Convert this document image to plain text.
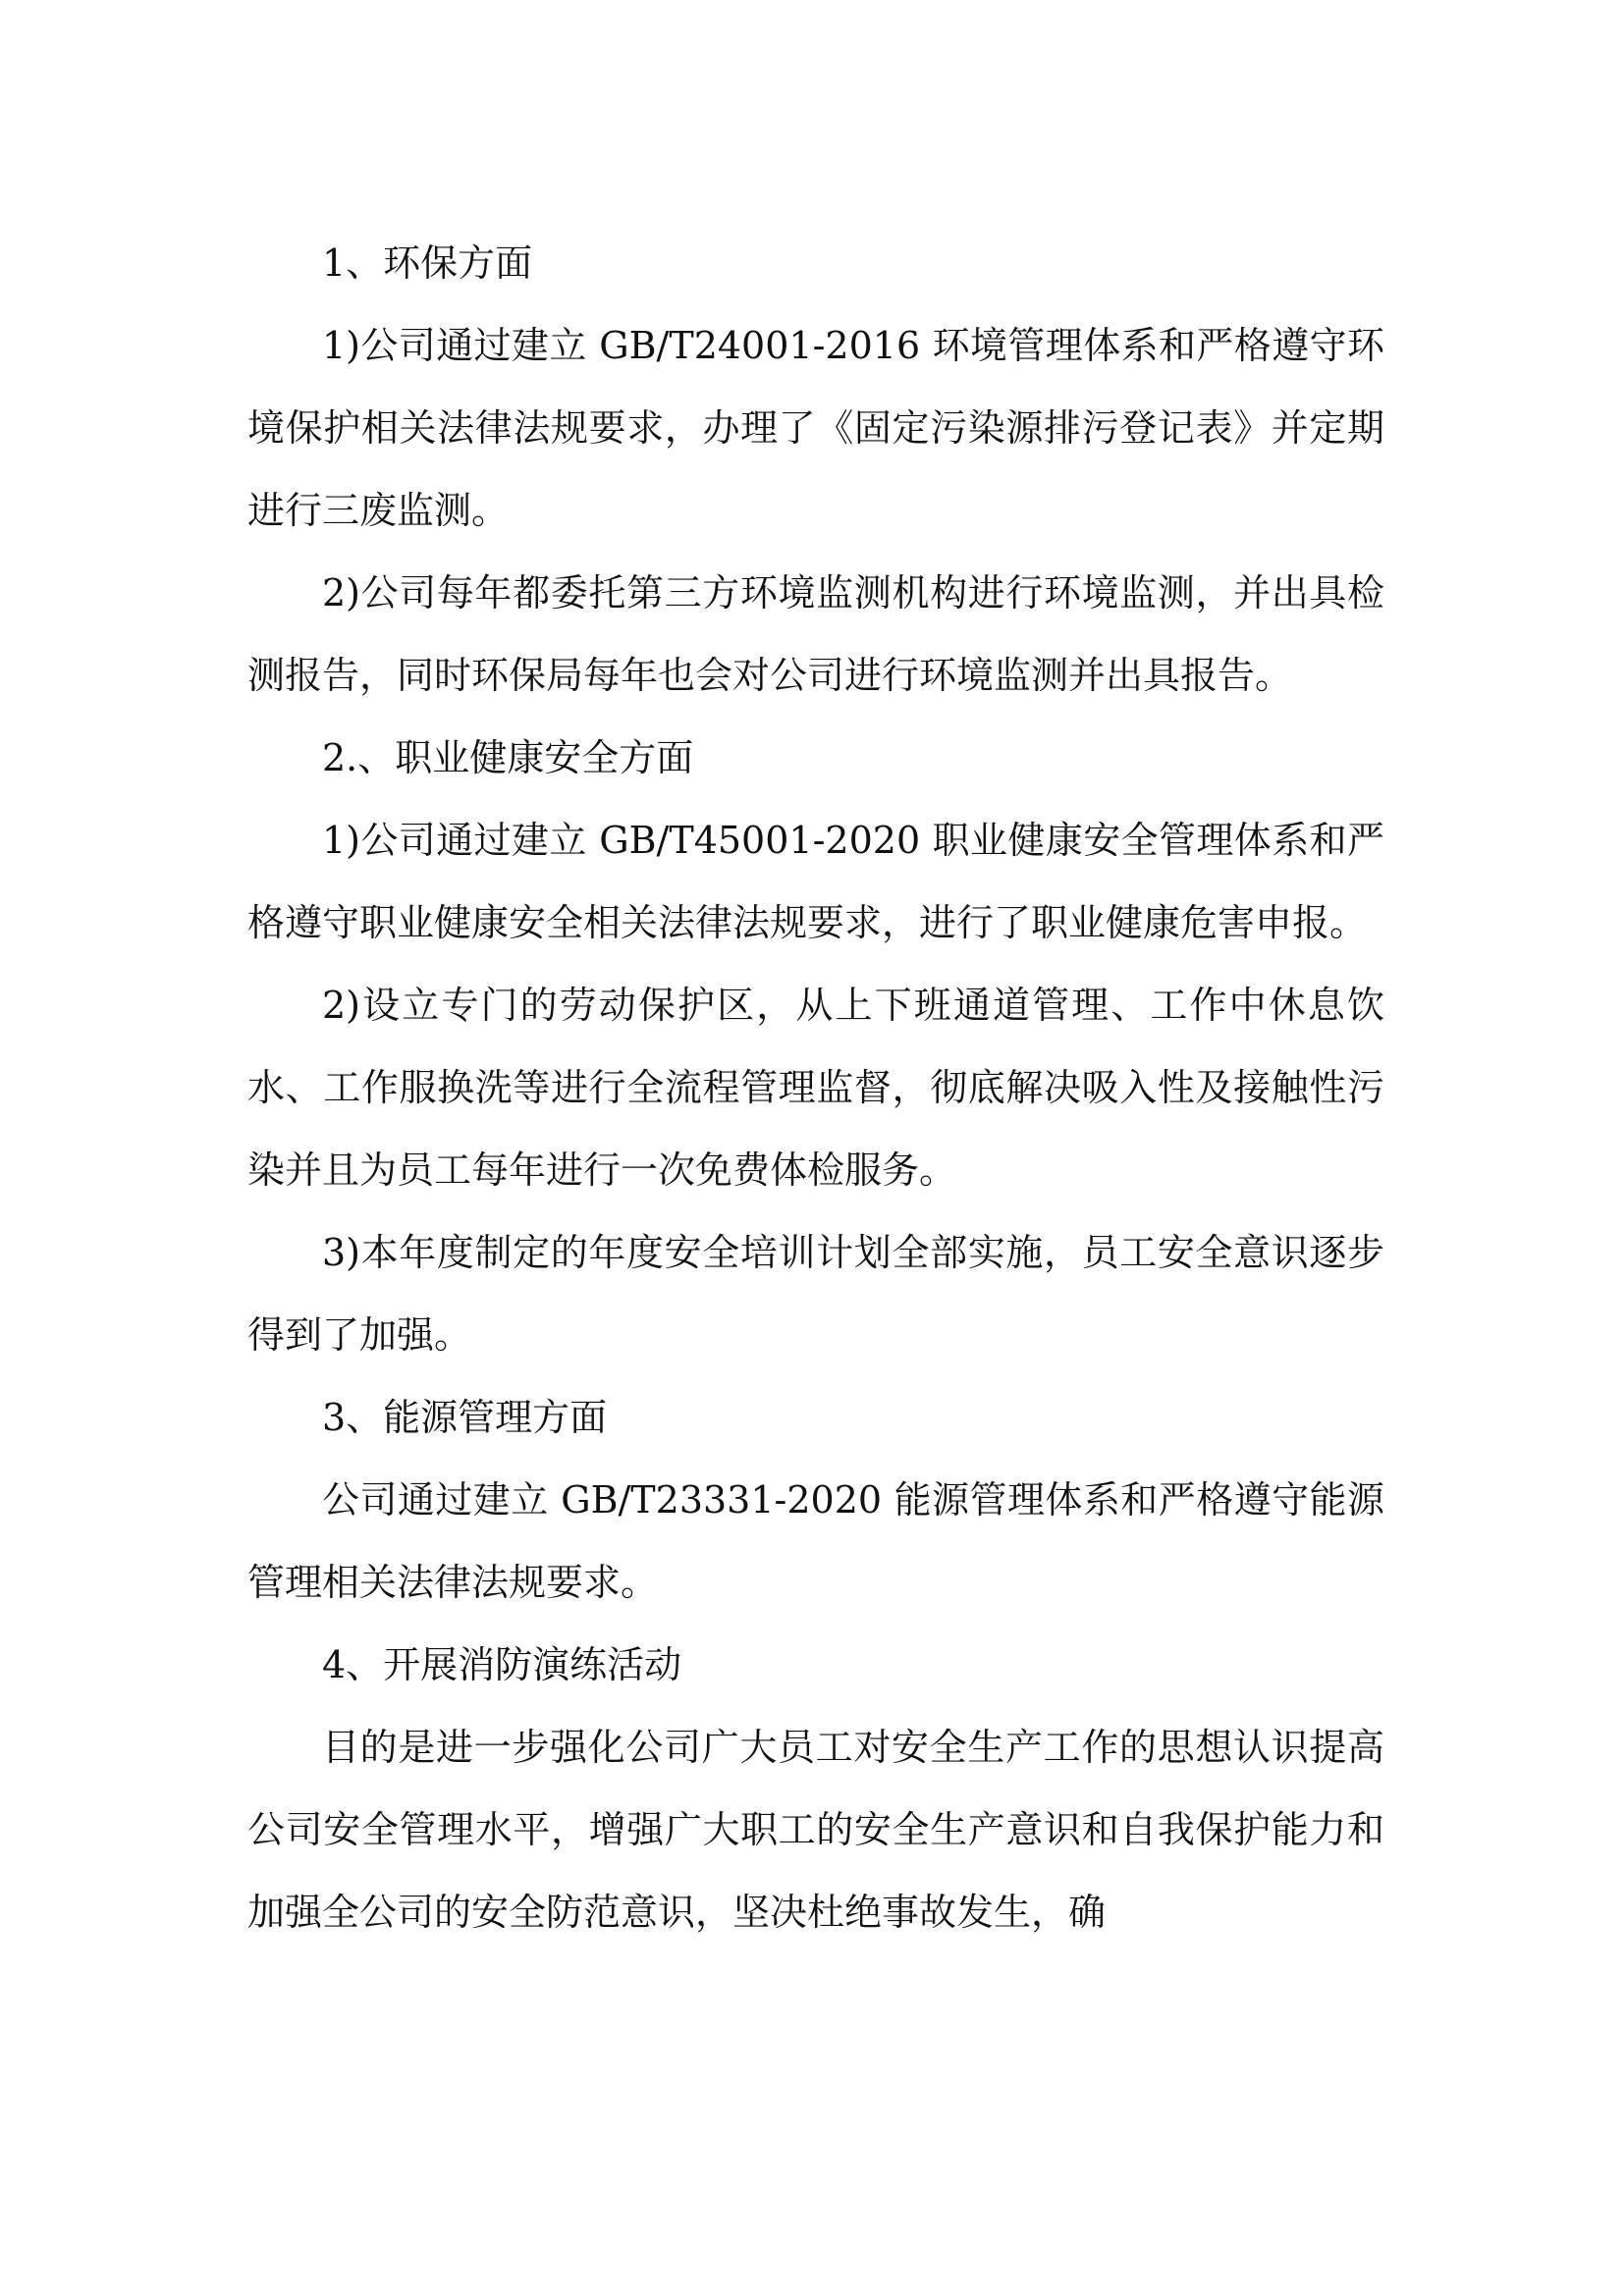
1、环保方面

1)公司通过建立 GB/T24001-2016 环境管理体系和严格遵守环境保护相关法律法规要求，办理了《固定污染源排污登记表》并定期进行三废监测。

2)公司每年都委托第三方环境监测机构进行环境监测，并出具检测报告，同时环保局每年也会对公司进行环境监测并出具报告。

2.、职业健康安全方面

1)公司通过建立 GB/T45001-2020 职业健康安全管理体系和严格遵守职业健康安全相关法律法规要求，进行了职业健康危害申报。

2)设立专门的劳动保护区，从上下班通道管理、工作中休息饮水、工作服换洗等进行全流程管理监督，彻底解决吸入性及接触性污染并且为员工每年进行一次免费体检服务。

3)本年度制定的年度安全培训计划全部实施，员工安全意识逐步得到了加强。

3、能源管理方面

公司通过建立 GB/T23331-2020 能源管理体系和严格遵守能源管理相关法律法规要求。

4、开展消防演练活动

目的是进一步强化公司广大员工对安全生产工作的思想认识提高公司安全管理水平，增强广大职工的安全生产意识和自我保护能力和加强全公司的安全防范意识，坚决杜绝事故发生，确
